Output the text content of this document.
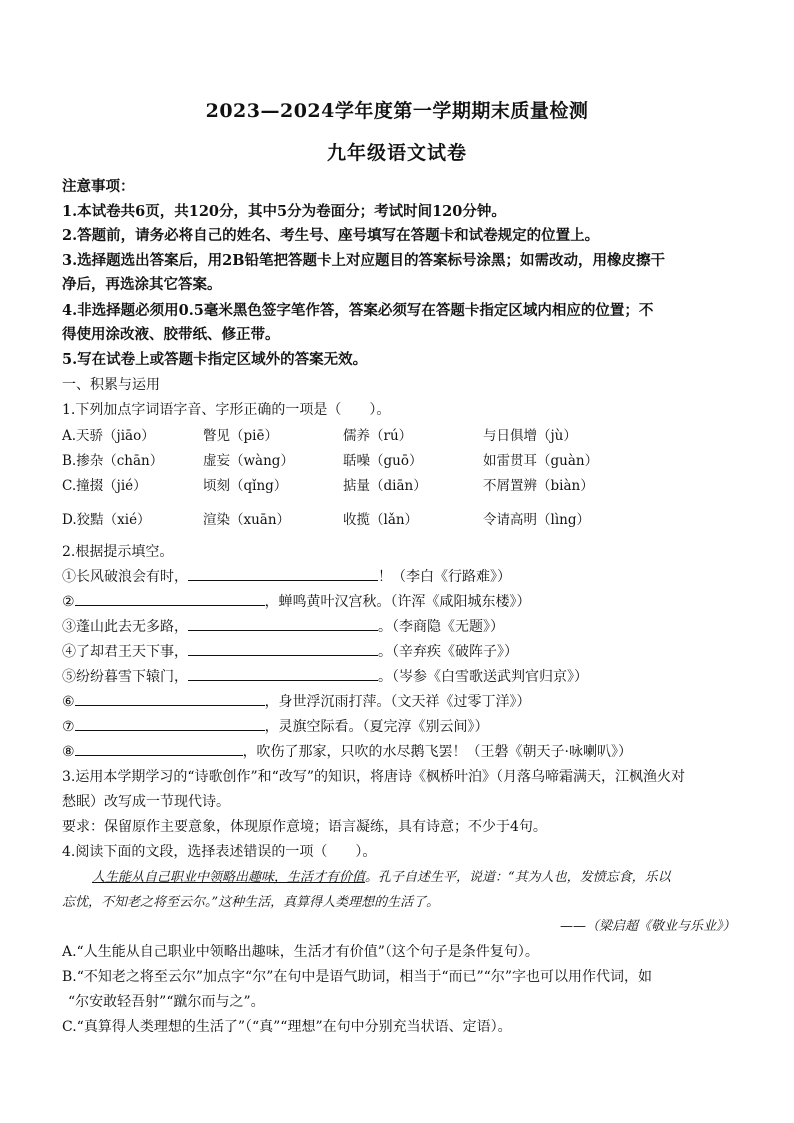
2023—2024学年度第一学期期末质量检测
九年级语文试卷
注意事项：
1.本试卷共6页，共120分，其中5分为卷面分；考试时间120分钟。
2.答题前，请务必将自己的姓名、考生号、座号填写在答题卡和试卷规定的位置上。
3.选择题选出答案后，用2B铅笔把答题卡上对应题目的答案标号涂黑；如需改动，用橡皮擦干
净后，再选涂其它答案。
4.非选择题必须用0.5毫米黑色签字笔作答，答案必须写在答题卡指定区域内相应的位置；不
得使用涂改液、胶带纸、修正带。
5.写在试卷上或答题卡指定区域外的答案无效。
一、积累与运用
1.下列加点字词语字音、字形正确的一项是（　　）。
A.天骄（jiāo）	瞥见（piē）	儒养（rú）	与日俱增（jù）
B.掺杂（chān）	虚妄（wàng）	聒噪（guō）	如雷贯耳（guàn）
C.撞掇（jié）	顷刻（qǐng）	掂量（diān）	不屑置辨（biàn）
D.狡黠（xié）	渲染（xuān）	收揽（lǎn）	令请高明（lìng）
2.根据提示填空。
①长风破浪会有时，	！（李白《行路难》）
②	，蝉鸣黄叶汉宫秋。（许浑《咸阳城东楼》）
③蓬山此去无多路，	。（李商隐《无题》）
④了却君王天下事，	。（辛弃疾《破阵子》）
⑤纷纷暮雪下辕门，	。（岑参《白雪歌送武判官归京》）
⑥	，身世浮沉雨打萍。（文天祥《过零丁洋》）
⑦	，灵旗空际看。（夏完淳《别云间》）
⑧	，吹伤了那家，只吹的水尽鹅飞罢！（王磐《朝天子·咏喇叭》）
3.运用本学期学习的“诗歌创作”和“改写”的知识，将唐诗《枫桥叶泊》（月落乌啼霜满天，江枫渔火对
愁眠）改写成一节现代诗。
要求：保留原作主要意象，体现原作意境；语言凝练，具有诗意；不少于4句。
4.阅读下面的文段，选择表述错误的一项（　　）。
人生能从自己职业中领略出趣味，生活才有价值。孔子自述生平，说道：“其为人也，发愤忘食，乐以
忘忧，不知老之将至云尔。”这种生活，真算得人类理想的生活了。
——（梁启超《敬业与乐业》）
A.“人生能从自己职业中领略出趣味，生活才有价值”（这个句子是条件复句）。
B.“不知老之将至云尔”加点字“尔”在句中是语气助词，相当于“而已”“尔”字也可以用作代词，如
“尔安敢轻吾射”“蹴尔而与之”。
C.“真算得人类理想的生活了”（“真”“理想”在句中分别充当状语、定语）。
